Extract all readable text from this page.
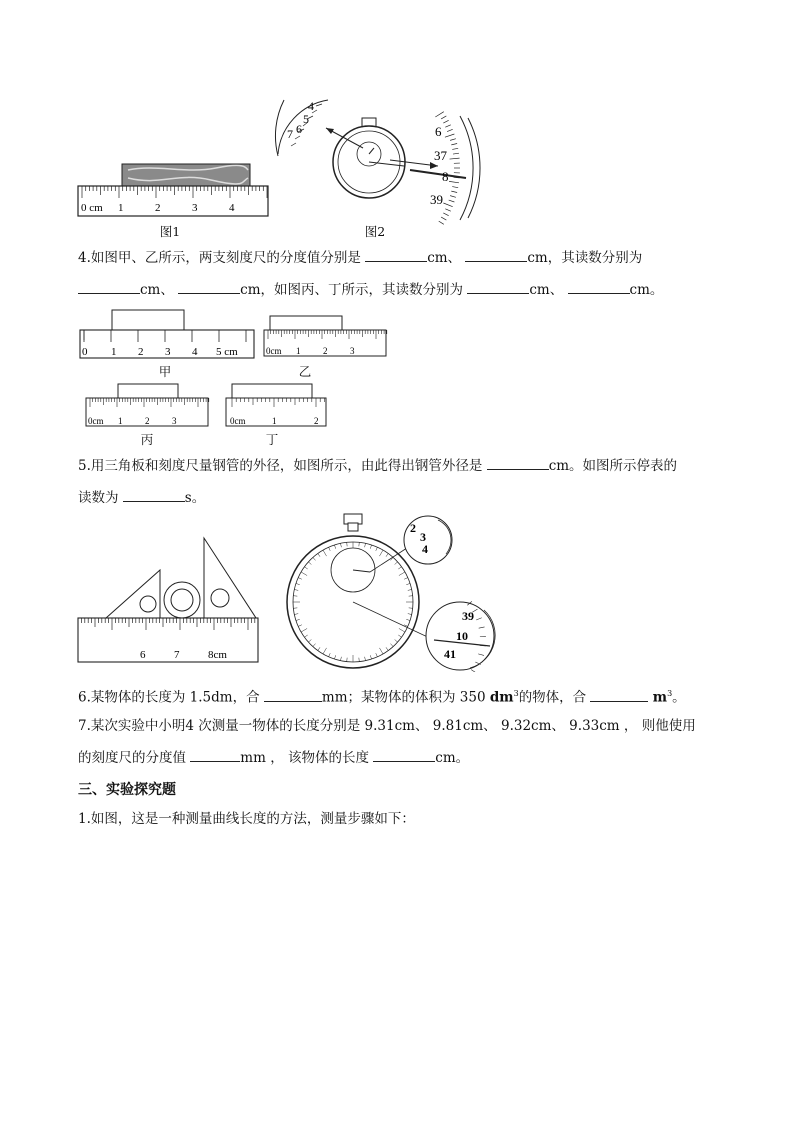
0 cm 1	2	3	4
图1
4
5
6
7	6
37
8
39
图2
4.如图甲、乙所示，两支刻度尺的分度值分别是	cm、	cm，其读数分别为
cm、	cm，如图丙、丁所示，其读数分别为	cm、	cm。
0 1 2 3 4 5 cm
甲
0cm 1	2	3
乙
0cm 1	2	3
丙
0cm	1	2
丁
5.用三角板和刻度尺量钢管的外径，如图所示，由此得出钢管外径是	cm。如图所示停表的
读数为	s。
6	7	8cm
2
3
4
39
10
41
6.某物体的长度为 1.5dm，合	mm；某物体的体积为 350 $dm^3$的物体，合	$m^3$。
7.某次实验中小明4 次测量一物体的长度分别是 9.31cm、 9.81cm、 9.32cm、 9.33cm ， 则他使用
的刻度尺的分度值	mm ， 该物体的长度	cm。
三、实验探究题
1.如图，这是一种测量曲线长度的方法，测量步骤如下：
